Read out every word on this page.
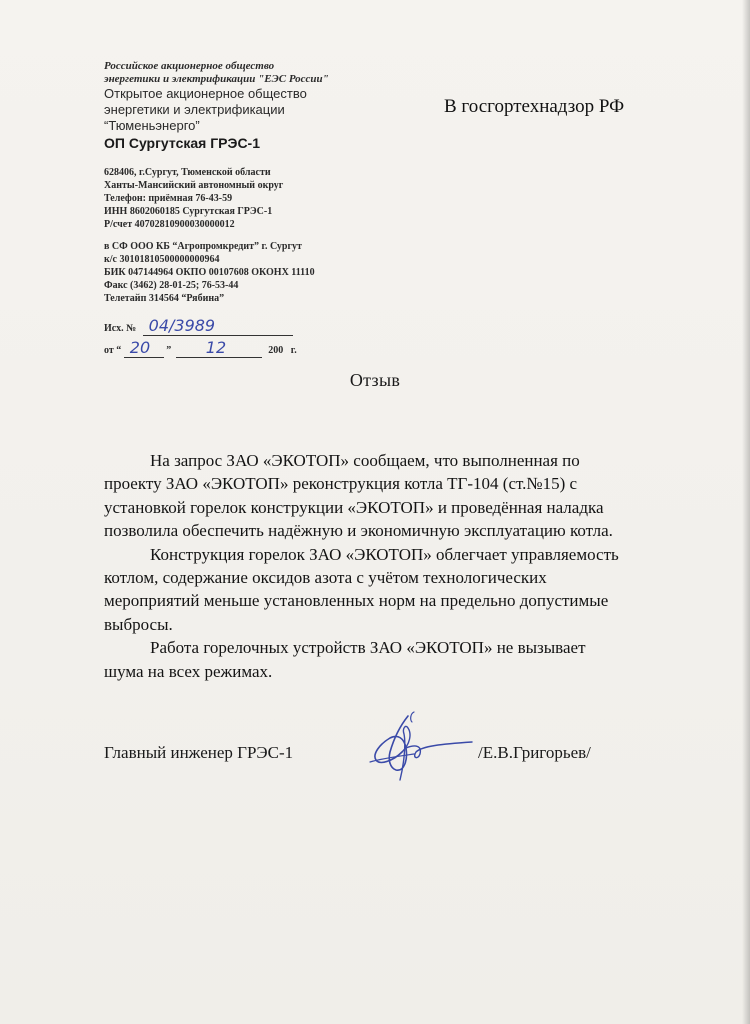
Российское акционерное общество
энергетики и электрификации "ЕЭС России"
Открытое акционерное общество
энергетики и электрификации
“Тюменьэнерго”
ОП Сургутская ГРЭС-1
628406, г.Сургут, Тюменской области
Ханты-Мансийский автономный округ
Телефон: приёмная 76-43-59
ИНН 8602060185 Сургутская ГРЭС-1
Р/счет 40702810900030000012
в СФ ООО КБ “Агропромкредит” г. Сургут
к/с 30101810500000000964
БИК 047144964 ОКПО 00107608 ОКОНХ 11110
Факс (3462) 28-01-25; 76-53-44
Телетайп 314564 “Рябина”
В госгортехнадзор РФ
Исх. № 04/3989
от “ 20 ” 12	200   г.
Отзыв

На запрос ЗАО «ЭКОТОП» сообщаем, что выполненная по проекту ЗАО «ЭКОТОП» реконструкция котла ТГ-104 (ст.№15) с установкой горелок конструкции «ЭКОТОП» и проведённая наладка позволила обеспечить надёжную и экономичную эксплуатацию котла.

Конструкция горелок ЗАО «ЭКОТОП» облегчает управляемость котлом, содержание оксидов азота с учётом технологических мероприятий меньше установленных норм на предельно допустимые выбросы.

Работа горелочных устройств ЗАО «ЭКОТОП» не вызывает шума на всех режимах.

Главный инженер ГРЭС-1	/Е.В.Григорьев/
